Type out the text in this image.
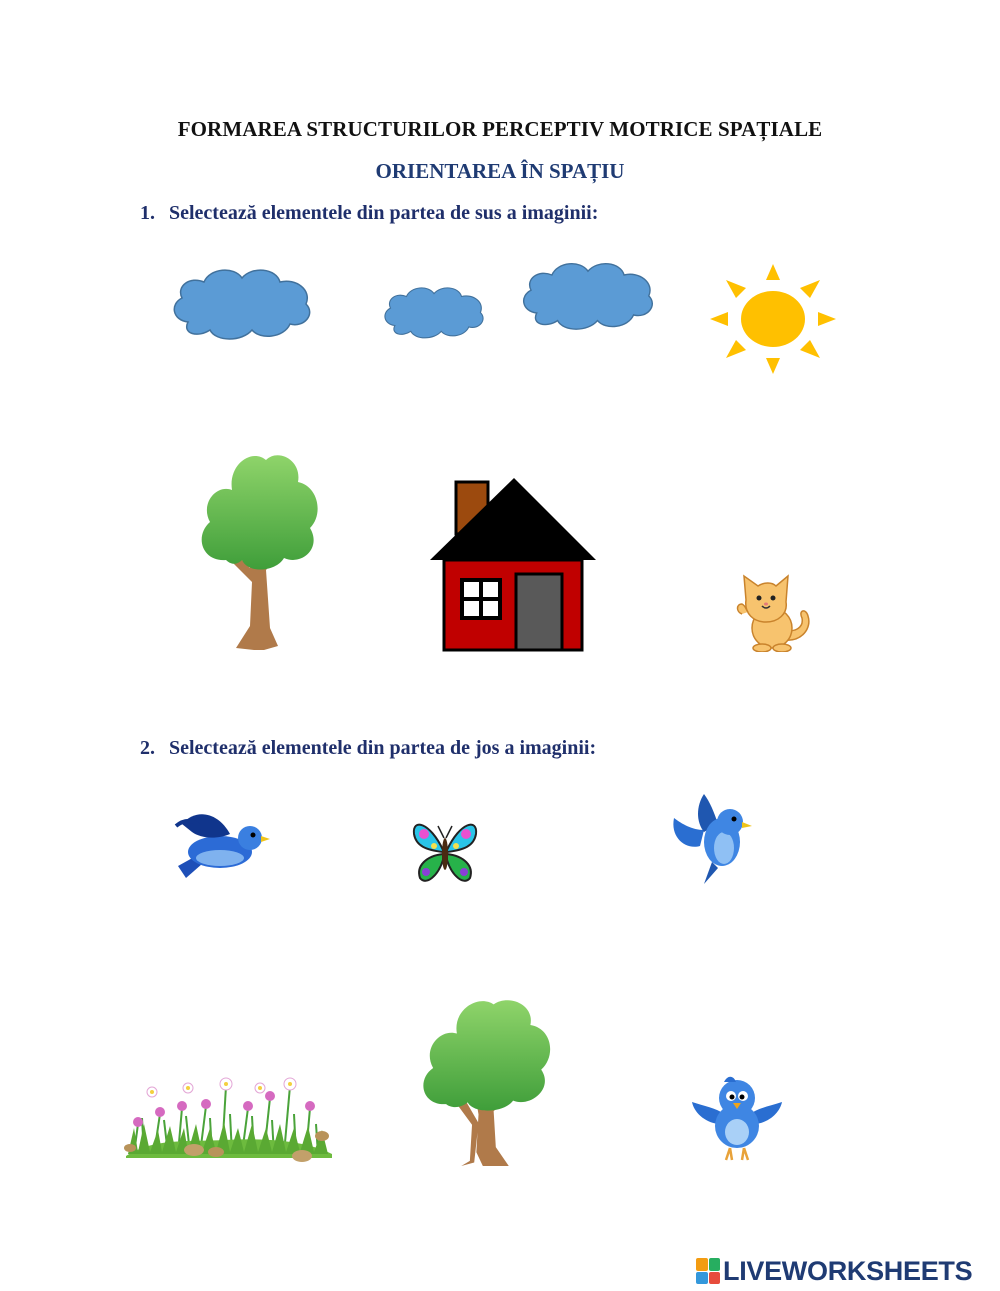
FORMAREA STRUCTURILOR PERCEPTIV MOTRICE SPAȚIALE
ORIENTAREA ÎN SPAȚIU

1. Selectează elementele din partea de sus a imaginii:

2. Selectează elementele din partea de jos a imaginii:

LIVEWORKSHEETS
